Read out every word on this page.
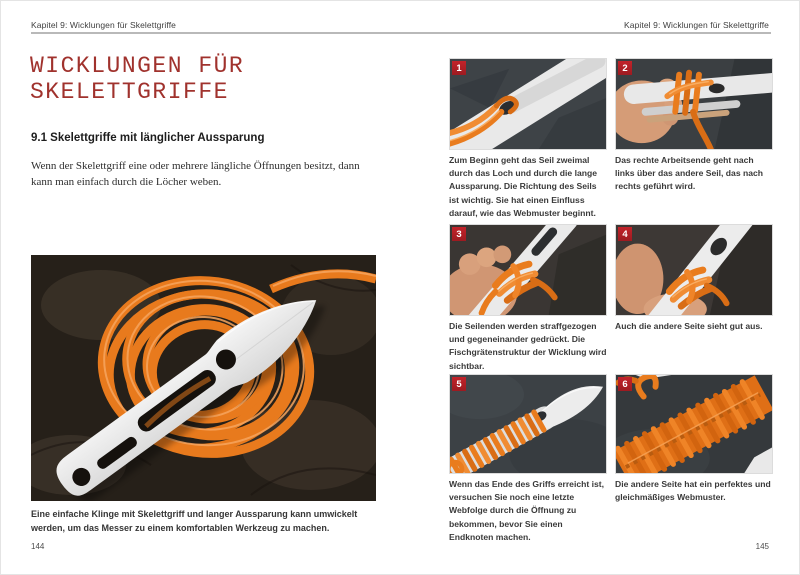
Kapitel 9: Wicklungen für Skelettgriffe	Kapitel 9: Wicklungen für Skelettgriffe
WICKLUNGEN FÜR
SKELETTGRIFFE
9.1 Skelettgriffe mit länglicher Aussparung

Wenn der Skelettgriff eine oder mehrere längliche Öffnungen besitzt, dann kann man einfach durch die Löcher weben.

Eine einfache Klinge mit Skelettgriff und langer Aussparung kann umwickelt werden, um das Messer zu einem komfortablen Werkzeug zu machen.

144
1
Zum Beginn geht das Seil zweimal durch das Loch und durch die lange Aussparung. Die Richtung des Seils ist wichtig. Sie hat einen Einfluss darauf, wie das Webmuster beginnt.
2
Das rechte Arbeitsende geht nach links über das andere Seil, das nach rechts geführt wird.
3
Die Seilenden werden straffgezogen und gegeneinander gedrückt. Die Fischgrätenstruktur der Wicklung wird sichtbar.
4
Auch die andere Seite sieht gut aus.
5
Wenn das Ende des Griffs erreicht ist, versuchen Sie noch eine letzte Webfolge durch die Öffnung zu bekommen, bevor Sie einen Endknoten machen.
6
Die andere Seite hat ein perfektes und gleichmäßiges Webmuster.
145
